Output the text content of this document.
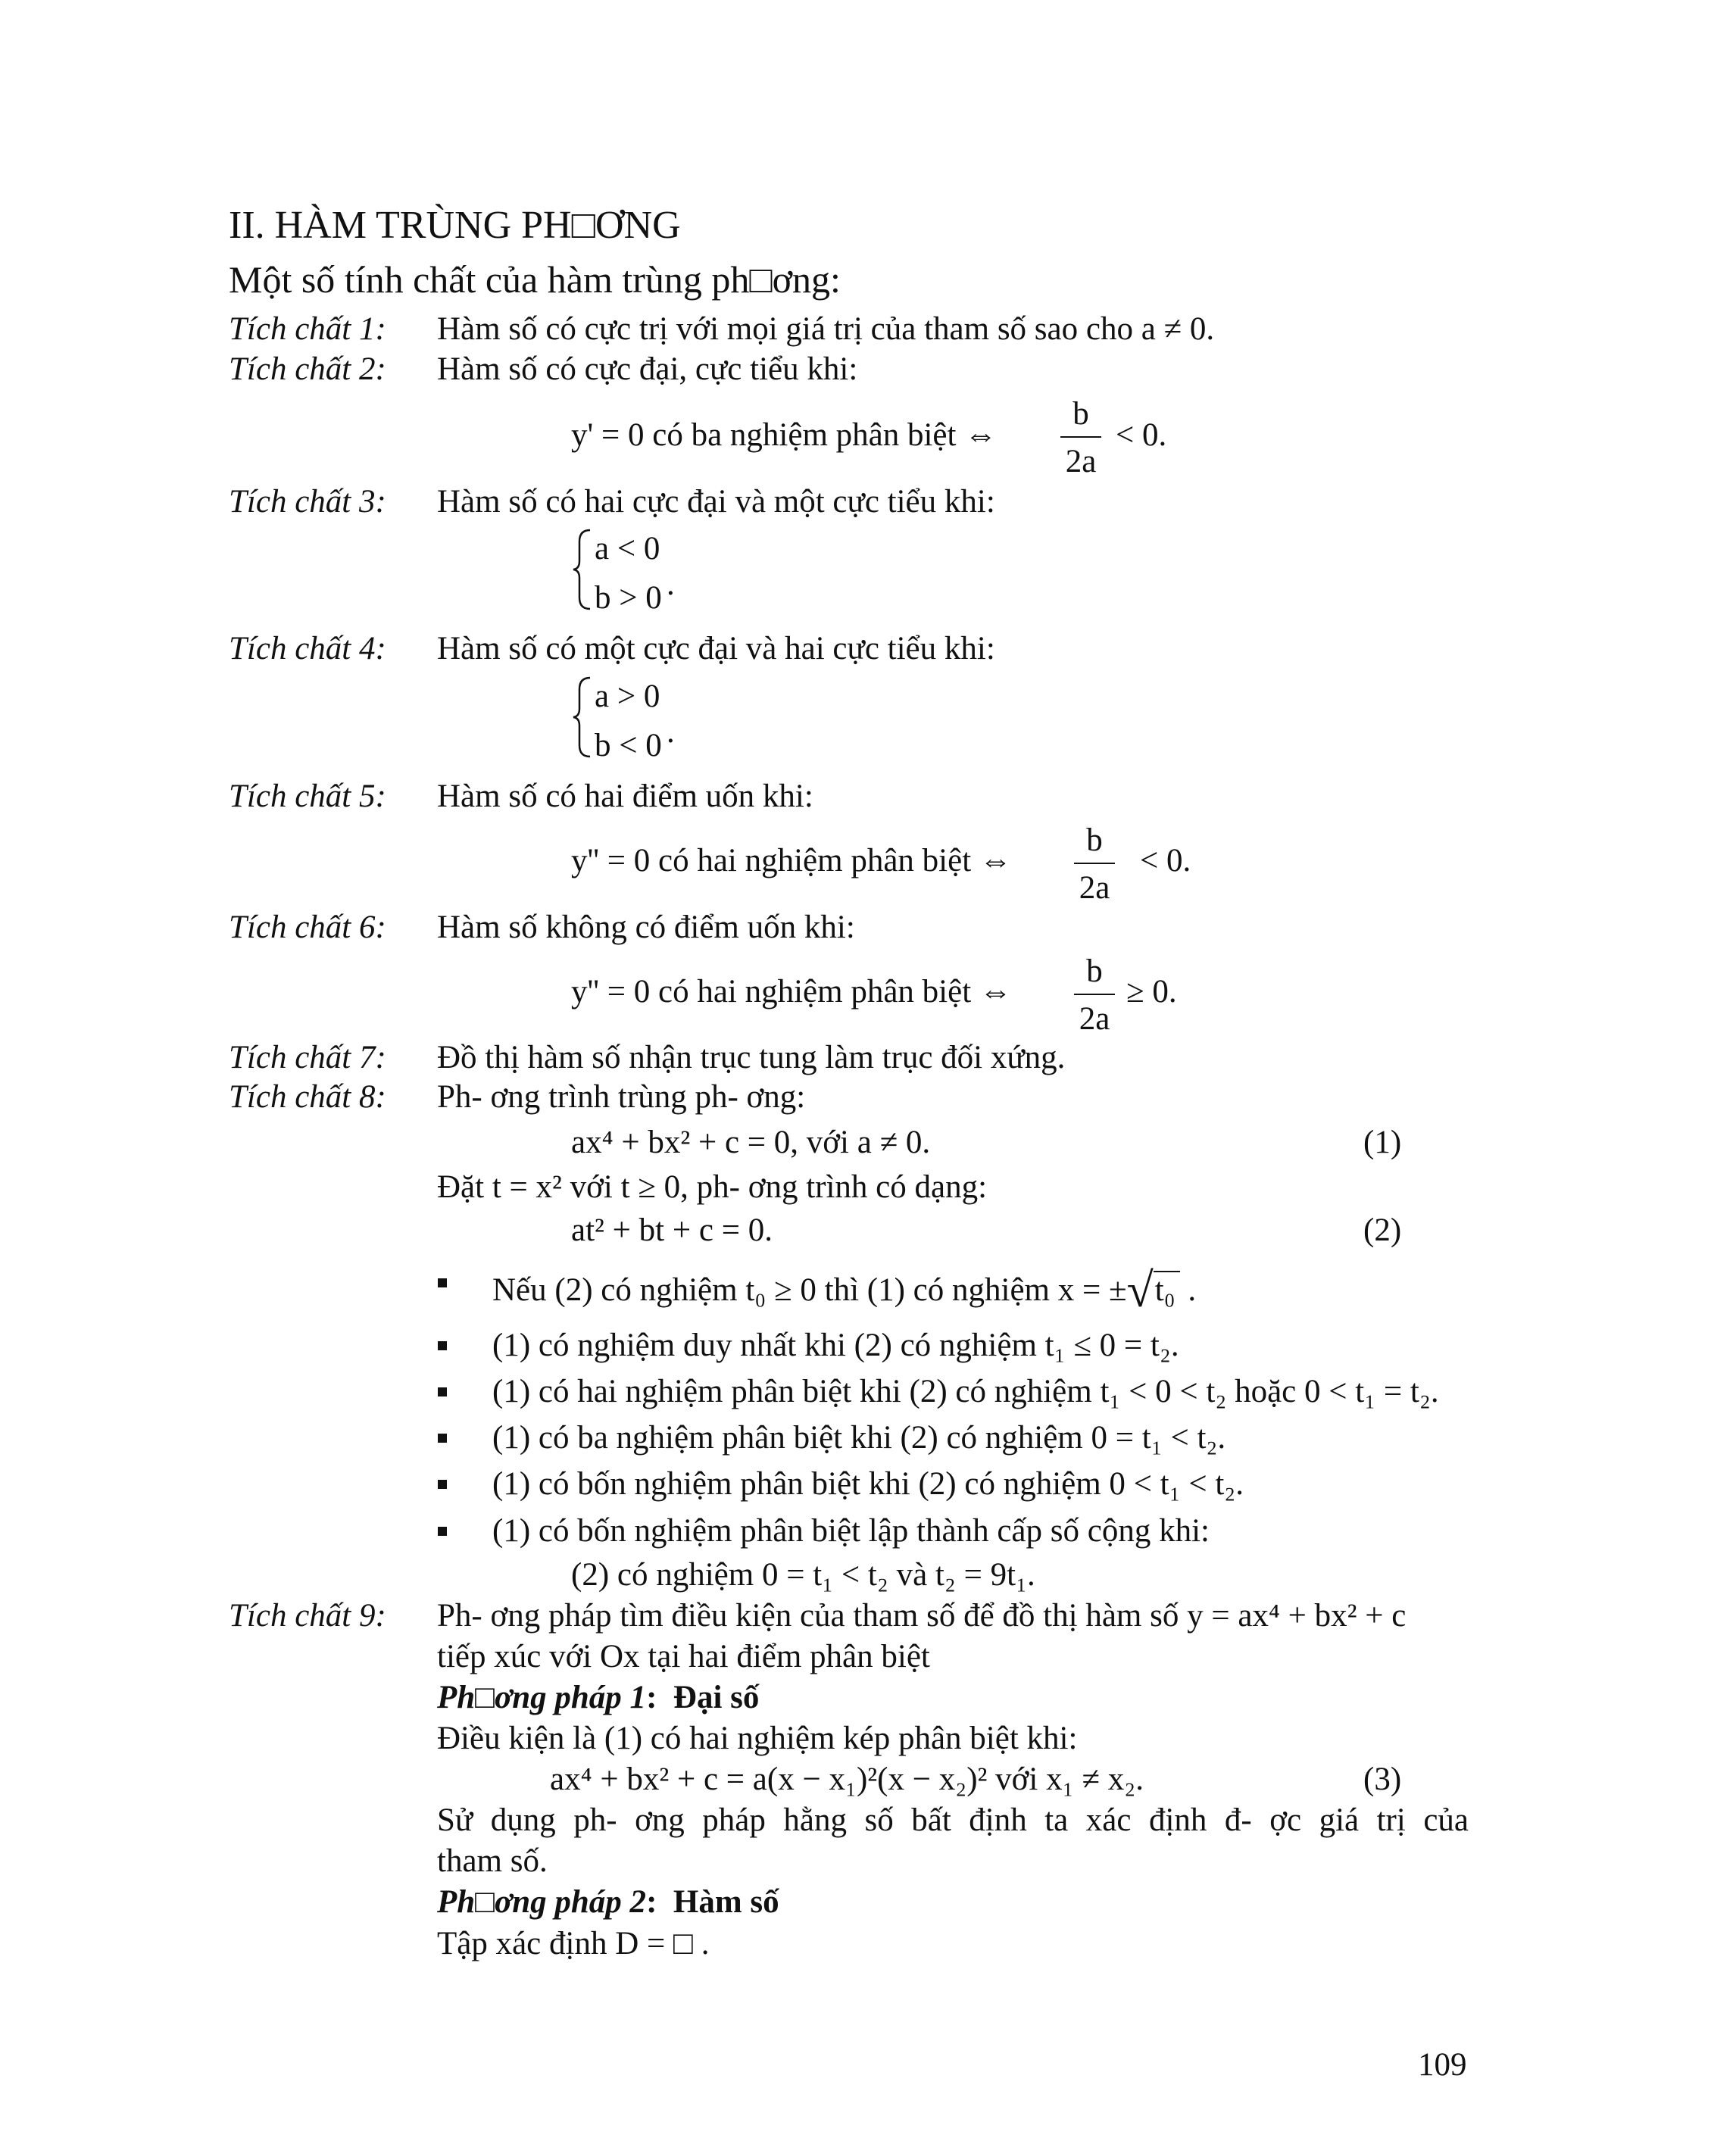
II. HÀM TRÙNG PH□ƠNG
Một số tính chất của hàm trùng ph□ơng:
Tích chất 1: Hàm số có cực trị với mọi giá trị của tham số sao cho a ≠ 0.
Tích chất 2: Hàm số có cực đại, cực tiểu khi:
y' = 0 có ba nghiệm phân biệt ⇔
b
2a
< 0.
Tích chất 3: Hàm số có hai cực đại và một cực tiểu khi:
a < 0
b > 0 .
Tích chất 4: Hàm số có một cực đại và hai cực tiểu khi:
a > 0
b < 0 .
Tích chất 5: Hàm số có hai điểm uốn khi:
y'' = 0 có hai nghiệm phân biệt ⇔
b
2a
< 0.
Tích chất 6: Hàm số không có điểm uốn khi:
y'' = 0 có hai nghiệm phân biệt ⇔
b
2a
≥ 0.
Tích chất 7: Đồ thị hàm số nhận trục tung làm trục đối xứng.
Tích chất 8: Ph- ơng trình trùng ph- ơng:
ax⁴ + bx² + c = 0, với a ≠ 0.	(1)
Đặt t = x² với t ≥ 0, ph- ơng trình có dạng:
at² + bt + c = 0.	(2)
Nếu (2) có nghiệm t₀ ≥ 0 thì (1) có nghiệm x = ±√t₀ .
(1) có nghiệm duy nhất khi (2) có nghiệm t₁ ≤ 0 = t₂.
(1) có hai nghiệm phân biệt khi (2) có nghiệm t₁ < 0 < t₂ hoặc 0 < t₁ = t₂.
(1) có ba nghiệm phân biệt khi (2) có nghiệm 0 = t₁ < t₂.
(1) có bốn nghiệm phân biệt khi (2) có nghiệm 0 < t₁ < t₂.
(1) có bốn nghiệm phân biệt lập thành cấp số cộng khi:
(2) có nghiệm 0 = t₁ < t₂ và t₂ = 9t₁.
Tích chất 9: Ph- ơng pháp tìm điều kiện của tham số để đồ thị hàm số y = ax⁴ + bx² + c
tiếp xúc với Ox tại hai điểm phân biệt
Ph□ơng pháp 1: Đại số
Điều kiện là (1) có hai nghiệm kép phân biệt khi:
ax⁴ + bx² + c = a(x − x₁)²(x − x₂)² với x₁ ≠ x₂.	(3)
Sử dụng ph- ơng pháp hằng số bất định ta xác định đ- ợc giá trị của
tham số.
Ph□ơng pháp 2: Hàm số
Tập xác định D = □ .
109
